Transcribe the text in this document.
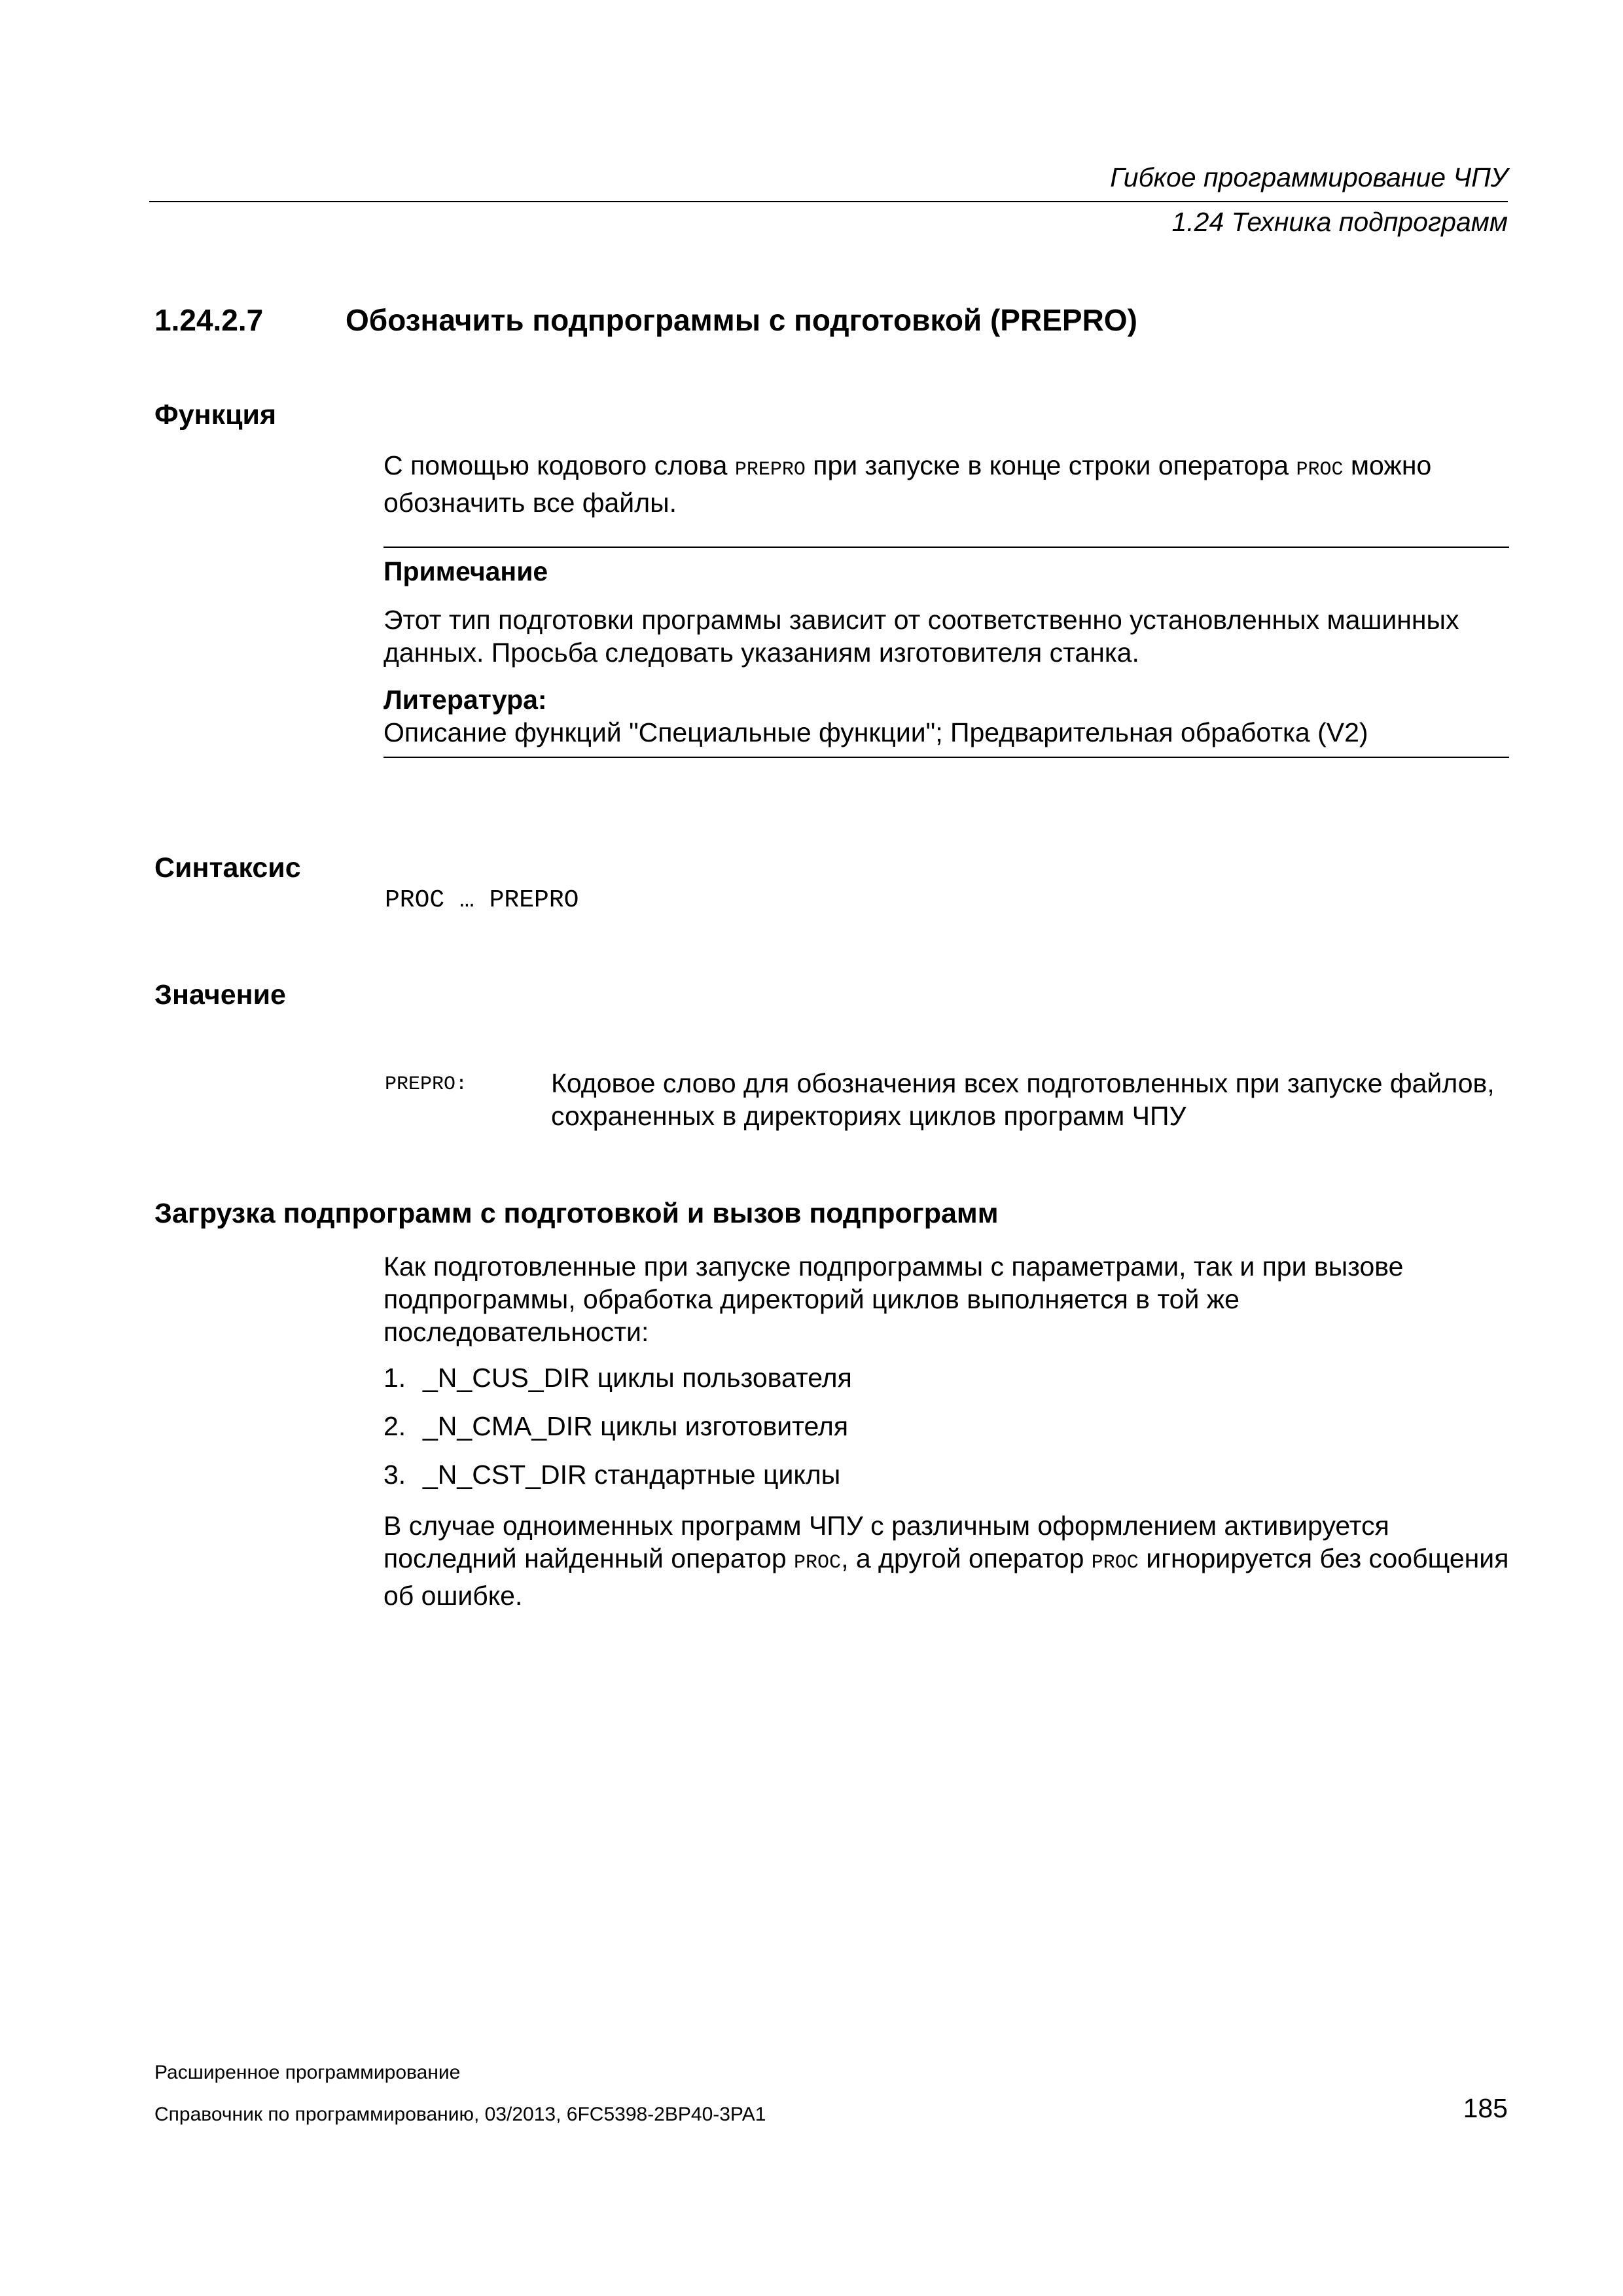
Гибкое программирование ЧПУ
1.24 Техника подпрограмм
1.24.2.7	Обозначить подпрограммы с подготовкой (PREPRO)
Функция

С помощью кодового слова PREPRO при запуске в конце строки оператора PROC можно обозначить все файлы.

Примечание
Этот тип подготовки программы зависит от соответственно установленных машинных данных. Просьба следовать указаниям изготовителя станка.
Литература:
Описание функций "Специальные функции"; Предварительная обработка (V2)
Синтаксис
PROC … PREPRO
Значение
PREPRO:	Кодовое слово для обозначения всех подготовленных при запуске файлов, сохраненных в директориях циклов программ ЧПУ
Загрузка подпрограмм с подготовкой и вызов подпрограмм
Как подготовленные при запуске подпрограммы с параметрами, так и при вызове подпрограммы, обработка директорий циклов выполняется в той же последовательности:
1. _N_CUS_DIR циклы пользователя
2. _N_CMA_DIR циклы изготовителя
3. _N_CST_DIR стандартные циклы

В случае одноименных программ ЧПУ с различным оформлением активируется последний найденный оператор PROC, а другой оператор PROC игнорируется без сообщения об ошибке.

Расширенное программирование
Справочник по программированию, 03/2013, 6FC5398-2BP40-3PA1	185
